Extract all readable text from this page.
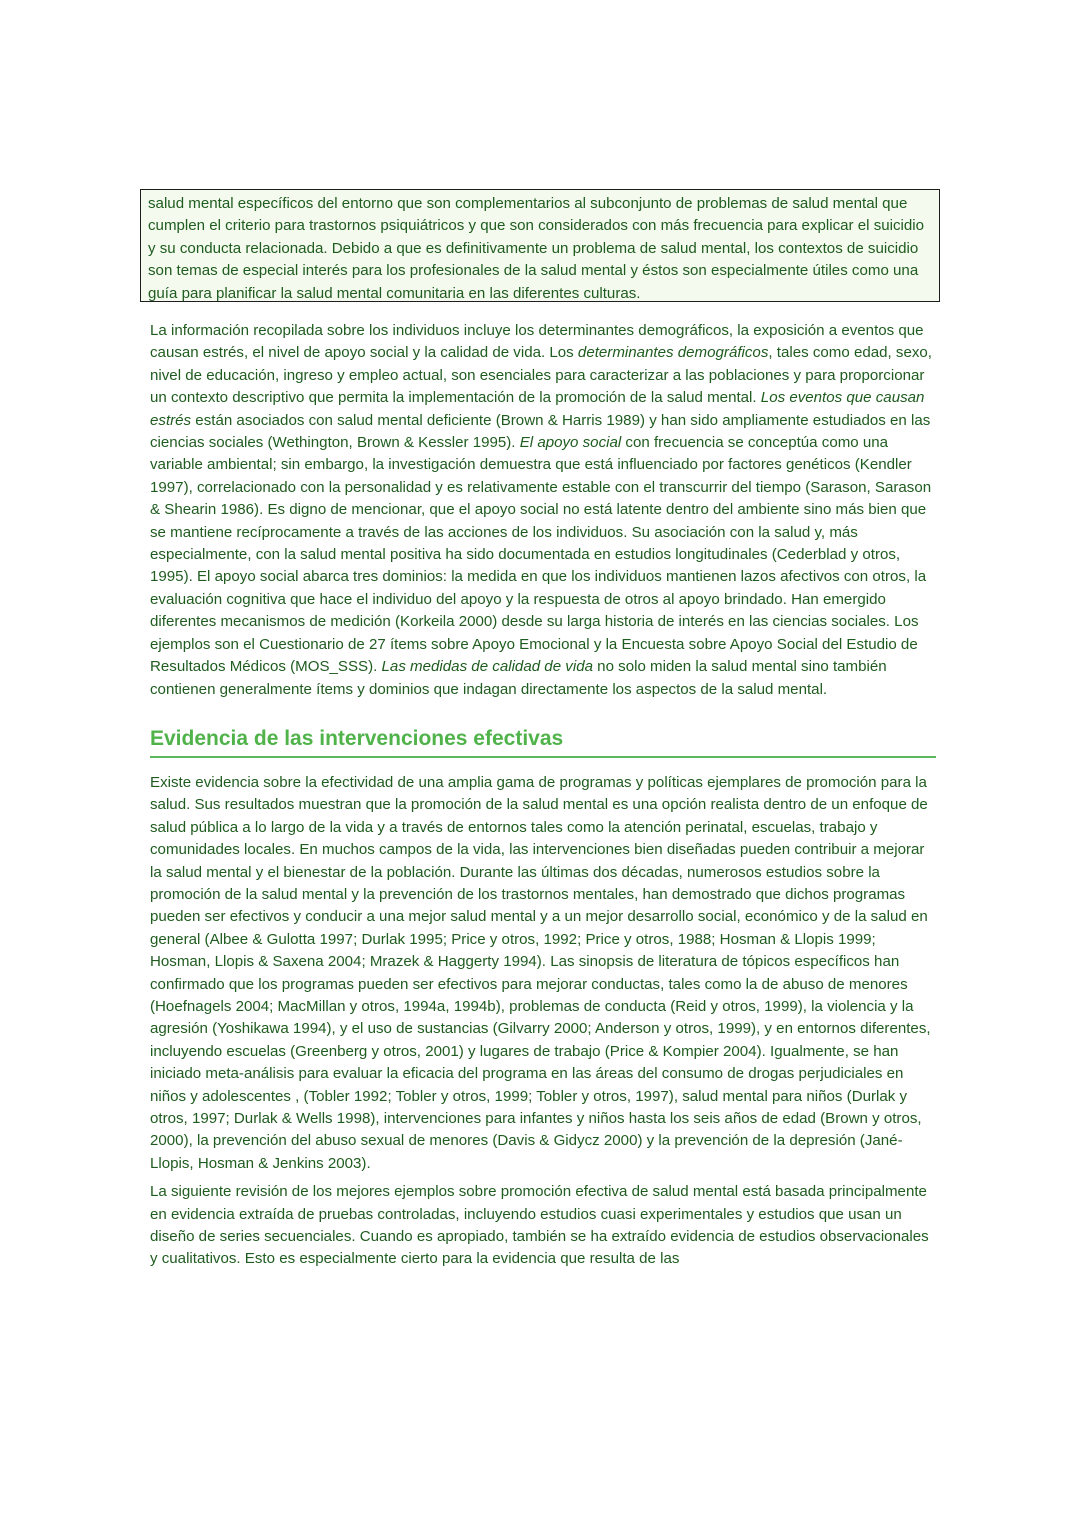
salud mental específicos del entorno que son complementarios al subconjunto de problemas de salud mental que cumplen el criterio para trastornos psiquiátricos y que son considerados con más frecuencia para explicar el suicidio y su conducta relacionada. Debido a que es definitivamente un problema de salud mental, los contextos de suicidio son temas de especial interés para los profesionales de la salud mental y éstos son especialmente útiles como una guía para planificar la salud mental comunitaria en las diferentes culturas.

La información recopilada sobre los individuos incluye los determinantes demográficos, la exposición a eventos que causan estrés, el nivel de apoyo social y la calidad de vida. Los determinantes demográficos, tales como edad, sexo, nivel de educación, ingreso y empleo actual, son esenciales para caracterizar a las poblaciones y para proporcionar un contexto descriptivo que permita la implementación de la promoción de la salud mental. Los eventos que causan estrés están asociados con salud mental deficiente (Brown & Harris 1989) y han sido ampliamente estudiados en las ciencias sociales (Wethington, Brown & Kessler 1995). El apoyo social con frecuencia se conceptúa como una variable ambiental; sin embargo, la investigación demuestra que está influenciado por factores genéticos (Kendler 1997), correlacionado con la personalidad y es relativamente estable con el transcurrir del tiempo (Sarason, Sarason & Shearin 1986). Es digno de mencionar, que el apoyo social no está latente dentro del ambiente sino más bien que se mantiene recíprocamente a través de las acciones de los individuos. Su asociación con la salud y, más especialmente, con la salud mental positiva ha sido documentada en estudios longitudinales (Cederblad y otros, 1995). El apoyo social abarca tres dominios: la medida en que los individuos mantienen lazos afectivos con otros, la evaluación cognitiva que hace el individuo del apoyo y la respuesta de otros al apoyo brindado. Han emergido diferentes mecanismos de medición (Korkeila 2000) desde su larga historia de interés en las ciencias sociales. Los ejemplos son el Cuestionario de 27 ítems sobre Apoyo Emocional y la Encuesta sobre Apoyo Social del Estudio de Resultados Médicos (MOS_SSS). Las medidas de calidad de vida no solo miden la salud mental sino también contienen generalmente ítems y dominios que indagan directamente los aspectos de la salud mental.

Evidencia de las intervenciones efectivas

Existe evidencia sobre la efectividad de una amplia gama de programas y políticas ejemplares de promoción para la salud. Sus resultados muestran que la promoción de la salud mental es una opción realista dentro de un enfoque de salud pública a lo largo de la vida y a través de entornos tales como la atención perinatal, escuelas, trabajo y comunidades locales. En muchos campos de la vida, las intervenciones bien diseñadas pueden contribuir a mejorar la salud mental y el bienestar de la población. Durante las últimas dos décadas, numerosos estudios sobre la promoción de la salud mental y la prevención de los trastornos mentales, han demostrado que dichos programas pueden ser efectivos y conducir a una mejor salud mental y a un mejor desarrollo social, económico y de la salud en general (Albee & Gulotta 1997; Durlak 1995; Price y otros, 1992; Price y otros, 1988; Hosman & Llopis 1999; Hosman, Llopis & Saxena 2004; Mrazek & Haggerty 1994). Las sinopsis de literatura de tópicos específicos han confirmado que los programas pueden ser efectivos para mejorar conductas, tales como la de abuso de menores (Hoefnagels 2004; MacMillan y otros, 1994a, 1994b), problemas de conducta (Reid y otros, 1999), la violencia y la agresión (Yoshikawa 1994), y el uso de sustancias (Gilvarry 2000; Anderson y otros, 1999), y en entornos diferentes, incluyendo escuelas (Greenberg y otros, 2001) y lugares de trabajo (Price & Kompier 2004). Igualmente, se han iniciado meta-análisis para evaluar la eficacia del programa en las áreas del consumo de drogas perjudiciales en niños y adolescentes , (Tobler 1992; Tobler y otros, 1999; Tobler y otros, 1997), salud mental para niños (Durlak y otros, 1997; Durlak & Wells 1998), intervenciones para infantes y niños hasta los seis años de edad (Brown y otros, 2000), la prevención del abuso sexual de menores (Davis & Gidycz 2000) y la prevención de la depresión (Jané-Llopis, Hosman & Jenkins 2003).

La siguiente revisión de los mejores ejemplos sobre promoción efectiva de salud mental está basada principalmente en evidencia extraída de pruebas controladas, incluyendo estudios cuasi experimentales y estudios que usan un diseño de series secuenciales. Cuando es apropiado, también se ha extraído evidencia de estudios observacionales y cualitativos. Esto es especialmente cierto para la evidencia que resulta de las
